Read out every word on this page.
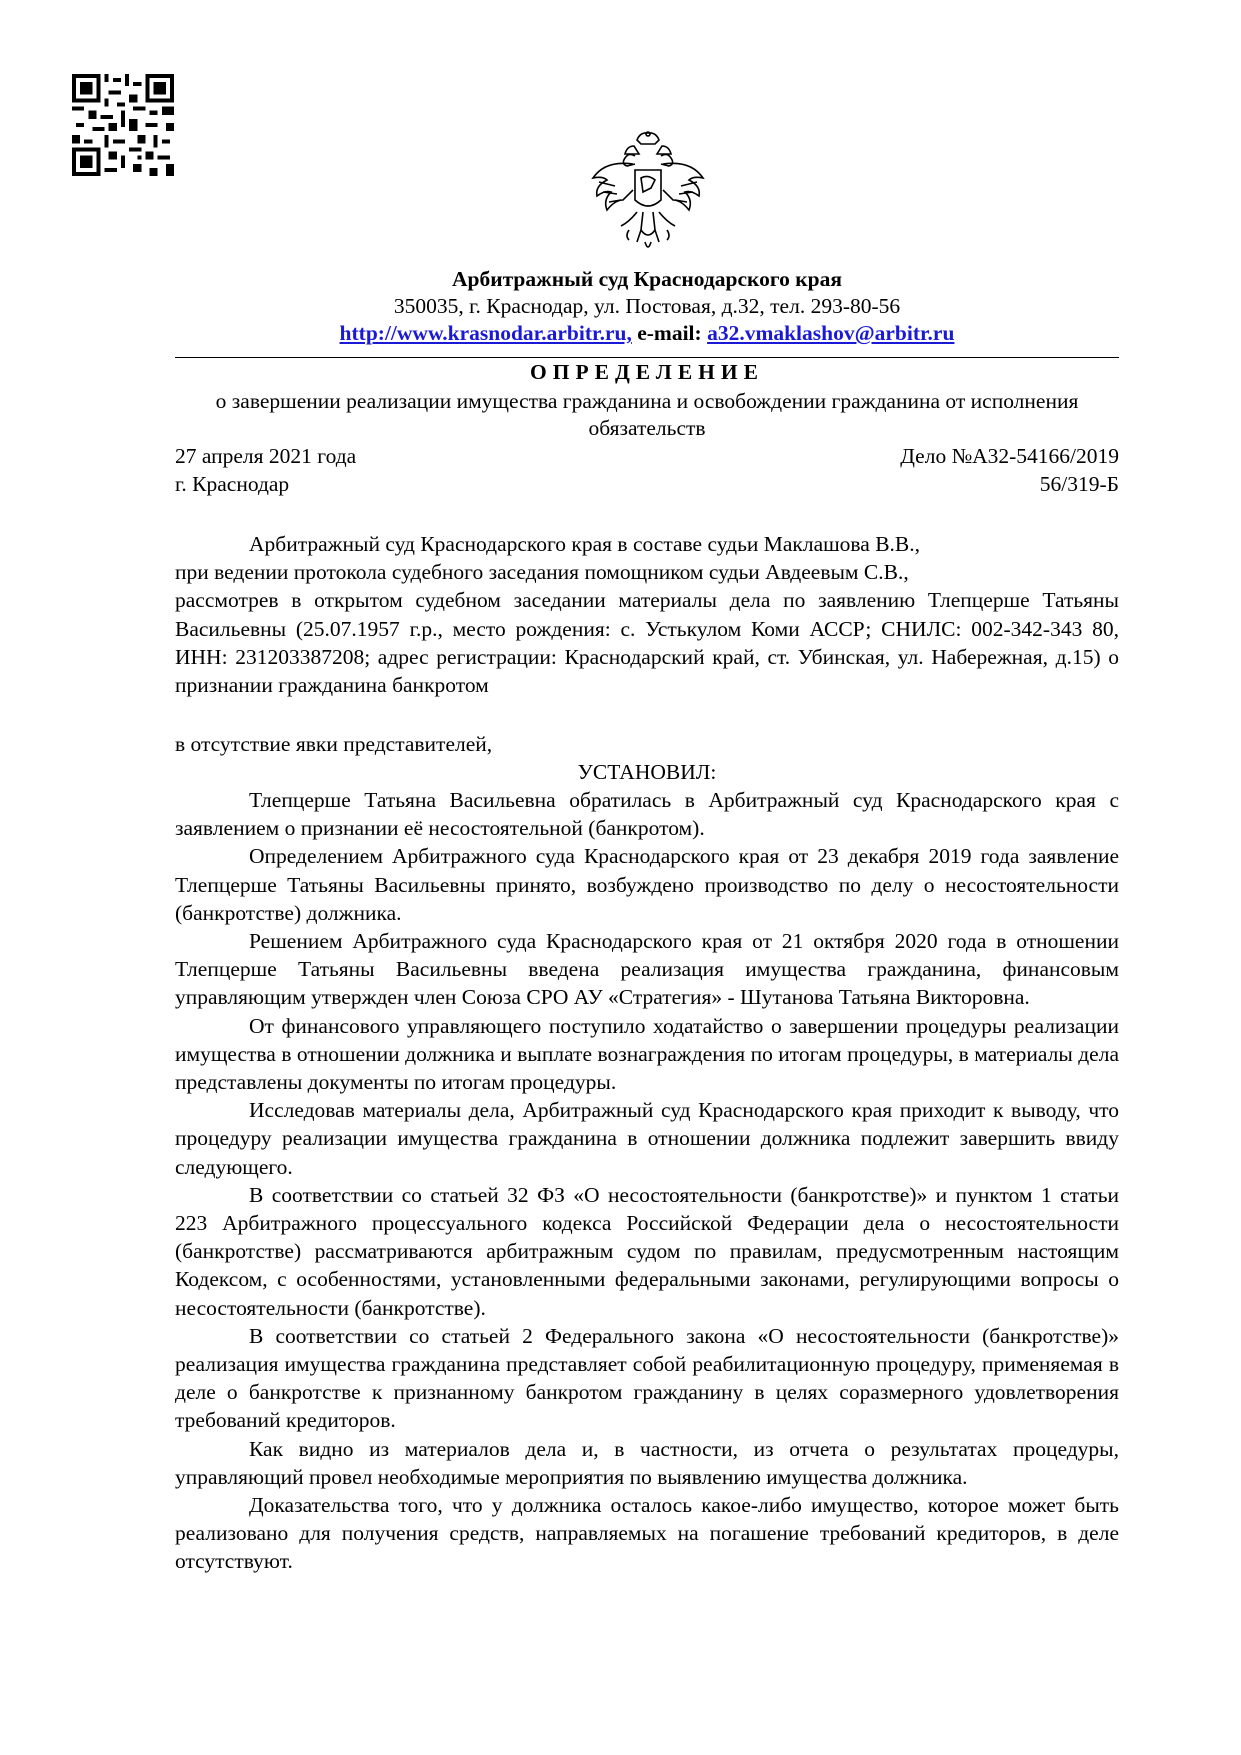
Арбитражный суд Краснодарского края
350035, г. Краснодар, ул. Постовая, д.32, тел. 293-80-56
http://www.krasnodar.arbitr.ru, e-mail: a32.vmaklashov@arbitr.ru
ОПРЕДЕЛЕНИЕ
о завершении реализации имущества гражданина и освобождении гражданина от исполнения обязательств
27 апреля 2021 года	Дело №А32-54166/2019
г. Краснодар	56/319-Б

Арбитражный суд Краснодарского края в составе судьи Маклашова В.В.,

при ведении протокола судебного заседания помощником судьи Авдеевым С.В.,

рассмотрев в открытом судебном заседании материалы дела по заявлению Тлепцерше Татьяны Васильевны (25.07.1957 г.р., место рождения: с. Устькулом Коми АССР; СНИЛС: 002-342-343 80, ИНН: 231203387208; адрес регистрации: Краснодарский край, ст. Убинская, ул. Набережная, д.15) о признании гражданина банкротом

в отсутствие явки представителей,
УСТАНОВИЛ:

Тлепцерше Татьяна Васильевна обратилась в Арбитражный суд Краснодарского края с заявлением о признании её несостоятельной (банкротом).

Определением Арбитражного суда Краснодарского края от 23 декабря 2019 года заявление Тлепцерше Татьяны Васильевны принято, возбуждено производство по делу о несостоятельности (банкротстве) должника.

Решением Арбитражного суда Краснодарского края от 21 октября 2020 года в отношении Тлепцерше Татьяны Васильевны введена реализация имущества гражданина, финансовым управляющим утвержден член Союза СРО АУ «Стратегия» - Шутанова Татьяна Викторовна.

От финансового управляющего поступило ходатайство о завершении процедуры реализации имущества в отношении должника и выплате вознаграждения по итогам процедуры, в материалы дела представлены документы по итогам процедуры.

Исследовав материалы дела, Арбитражный суд Краснодарского края приходит к выводу, что процедуру реализации имущества гражданина в отношении должника подлежит завершить ввиду следующего.

В соответствии со статьей 32 ФЗ «О несостоятельности (банкротстве)» и пунктом 1 статьи 223 Арбитражного процессуального кодекса Российской Федерации дела о несостоятельности (банкротстве) рассматриваются арбитражным судом по правилам, предусмотренным настоящим Кодексом, с особенностями, установленными федеральными законами, регулирующими вопросы о несостоятельности (банкротстве).

В соответствии со статьей 2 Федерального закона «О несостоятельности (банкротстве)» реализация имущества гражданина представляет собой реабилитационную процедуру, применяемая в деле о банкротстве к признанному банкротом гражданину в целях соразмерного удовлетворения требований кредиторов.

Как видно из материалов дела и, в частности, из отчета о результатах процедуры, управляющий провел необходимые мероприятия по выявлению имущества должника.

Доказательства того, что у должника осталось какое-либо имущество, которое может быть реализовано для получения средств, направляемых на погашение требований кредиторов, в деле отсутствуют.
